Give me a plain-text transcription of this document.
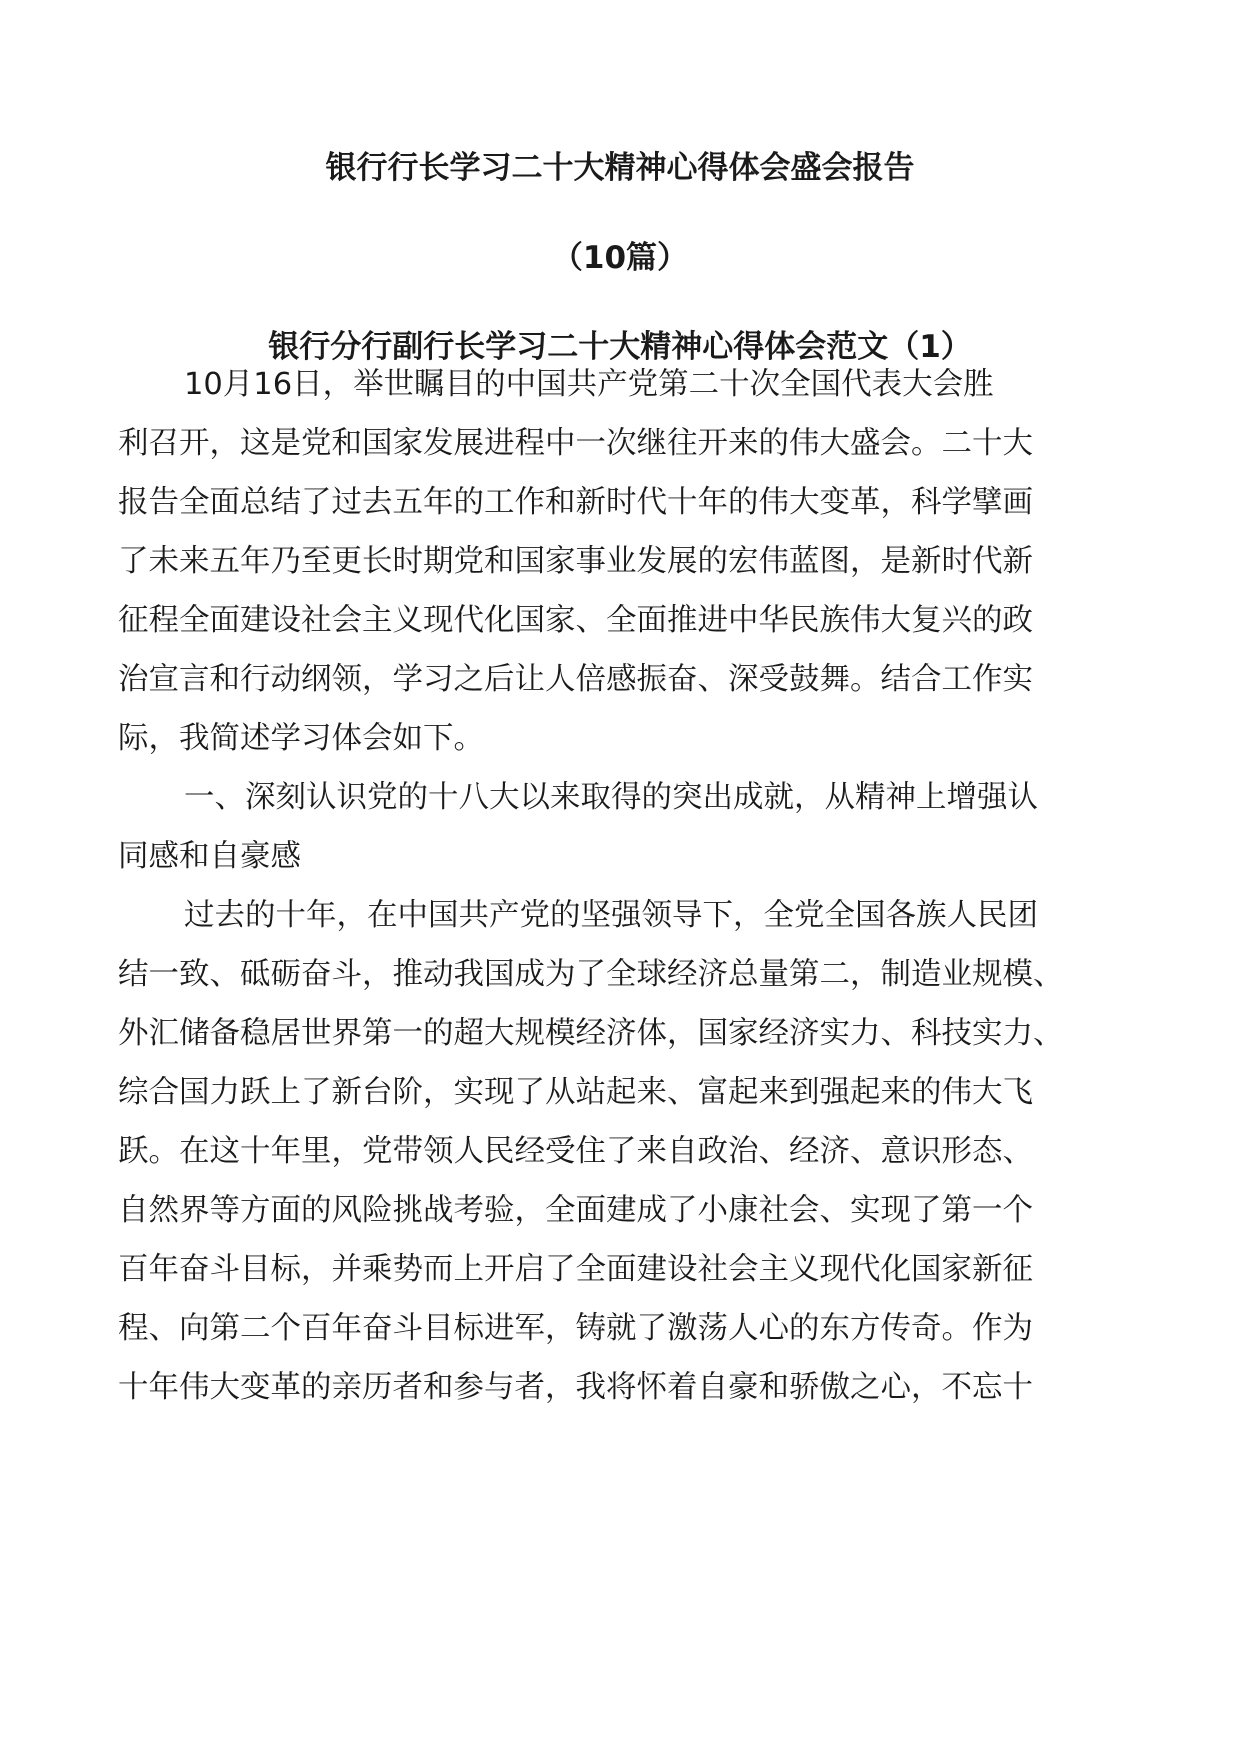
银行行长学习二十大精神心得体会盛会报告
（10篇）
银行分行副行长学习二十大精神心得体会范文（1）
10月16日，举世瞩目的中国共产党第二十次全国代表大会胜
利召开，这是党和国家发展进程中一次继往开来的伟大盛会。二十大
报告全面总结了过去五年的工作和新时代十年的伟大变革，科学擘画
了未来五年乃至更长时期党和国家事业发展的宏伟蓝图，是新时代新
征程全面建设社会主义现代化国家、全面推进中华民族伟大复兴的政
治宣言和行动纲领，学习之后让人倍感振奋、深受鼓舞。结合工作实
际，我简述学习体会如下。
一、深刻认识党的十八大以来取得的突出成就，从精神上增强认
同感和自豪感
过去的十年，在中国共产党的坚强领导下，全党全国各族人民团
结一致、砥砺奋斗，推动我国成为了全球经济总量第二，制造业规模、
外汇储备稳居世界第一的超大规模经济体，国家经济实力、科技实力、
综合国力跃上了新台阶，实现了从站起来、富起来到强起来的伟大飞
跃。在这十年里，党带领人民经受住了来自政治、经济、意识形态、
自然界等方面的风险挑战考验，全面建成了小康社会、实现了第一个
百年奋斗目标，并乘势而上开启了全面建设社会主义现代化国家新征
程、向第二个百年奋斗目标进军，铸就了激荡人心的东方传奇。作为
十年伟大变革的亲历者和参与者，我将怀着自豪和骄傲之心，不忘十
